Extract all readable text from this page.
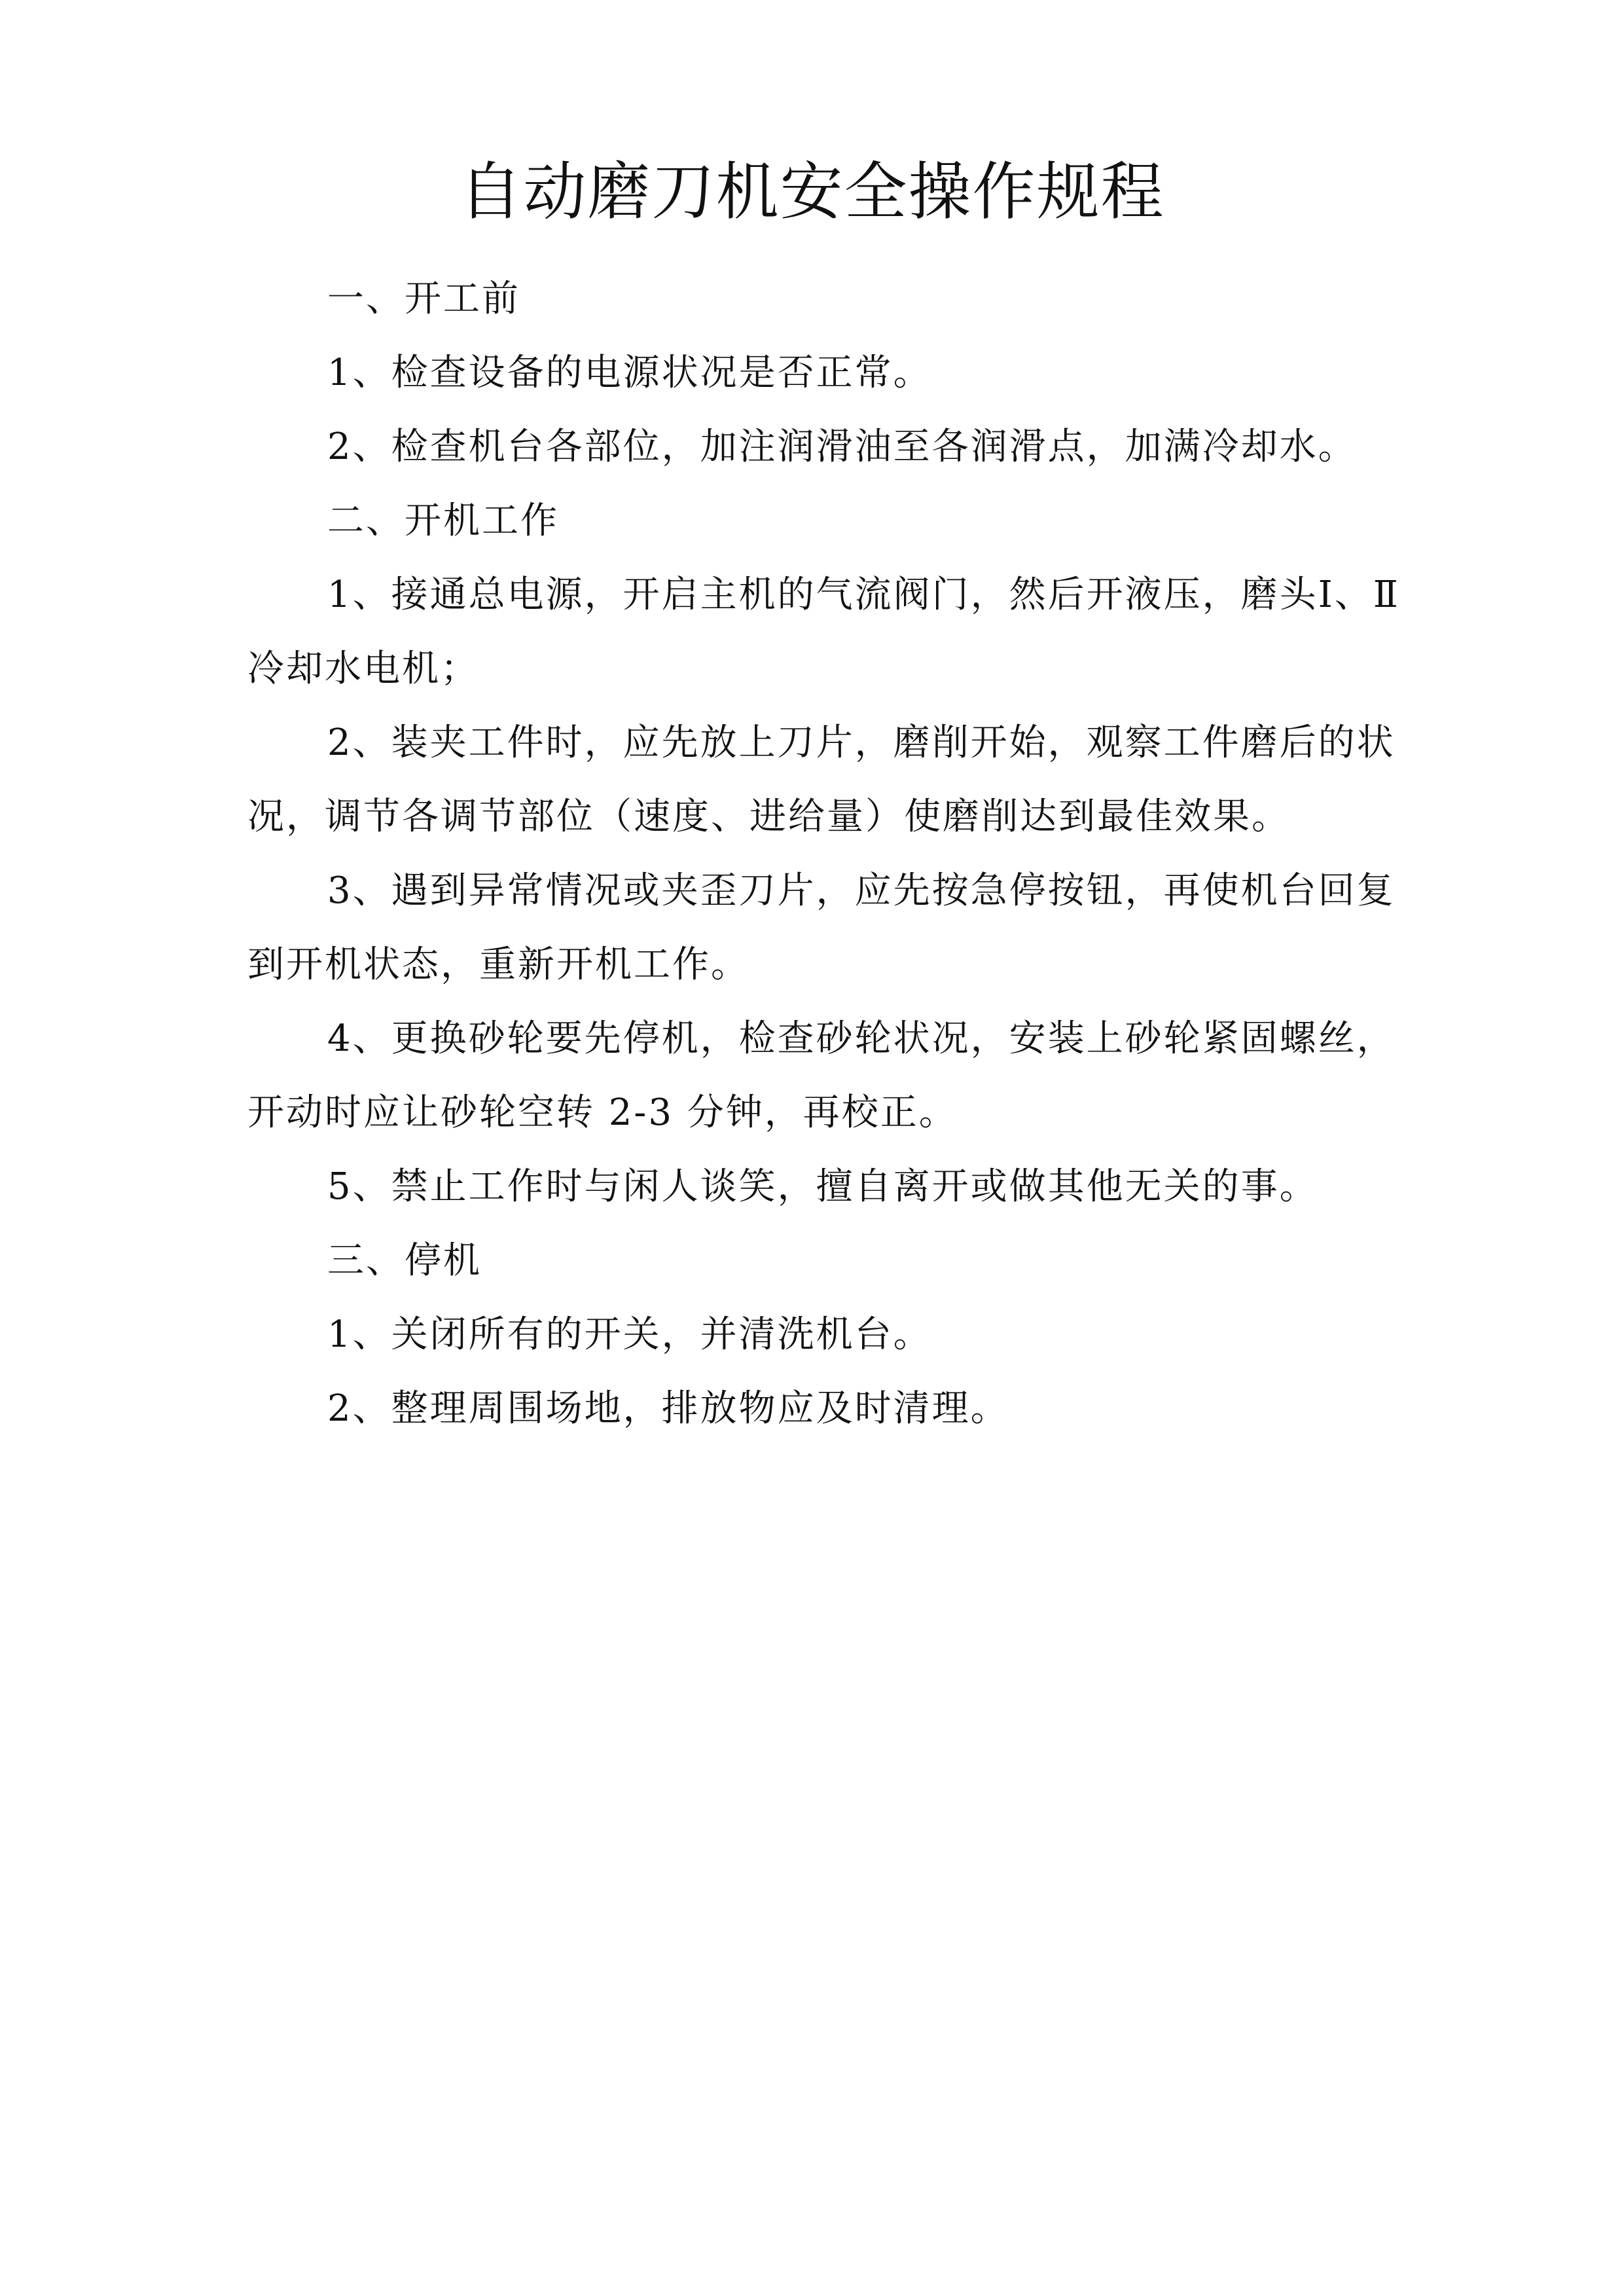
自动磨刀机安全操作规程

一、开工前

1、检查设备的电源状况是否正常。

2、检查机台各部位，加注润滑油至各润滑点，加满冷却水。

二、开机工作

1、接通总电源，开启主机的气流阀门，然后开液压，磨头Ⅰ、Ⅱ冷却水电机；

2、装夹工件时，应先放上刀片，磨削开始，观察工件磨后的状况，调节各调节部位（速度、进给量）使磨削达到最佳效果。

3、遇到异常情况或夹歪刀片，应先按急停按钮，再使机台回复到开机状态，重新开机工作。

4、更换砂轮要先停机，检查砂轮状况，安装上砂轮紧固螺丝，开动时应让砂轮空转 2-3 分钟，再校正。

5、禁止工作时与闲人谈笑，擅自离开或做其他无关的事。

三、停机

1、关闭所有的开关，并清洗机台。

2、整理周围场地，排放物应及时清理。
